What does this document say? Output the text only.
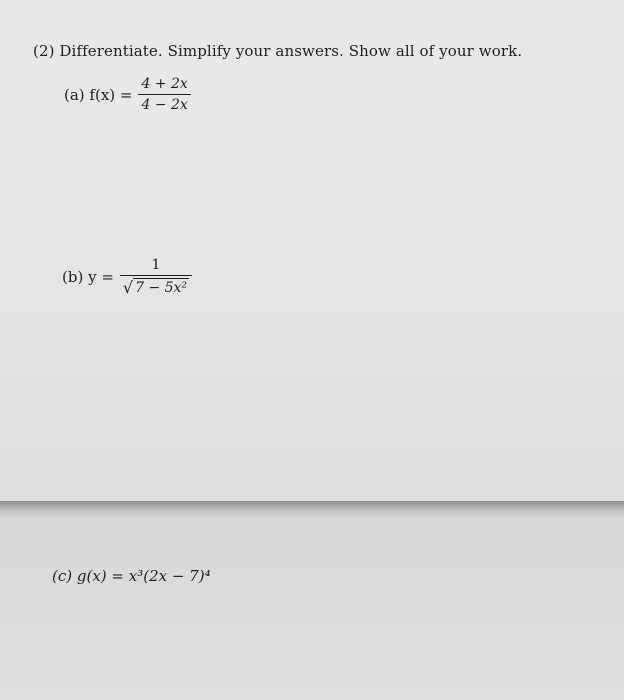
(2) Differentiate. Simplify your answers. Show all of your work.
(a) $f(x) = \frac{4 + 2x}{4 - 2x}$
(b) $y = \frac{1}{\text{√ 7 − 5x²}}$
(c) g(x) = x³(2x − 7)⁴
